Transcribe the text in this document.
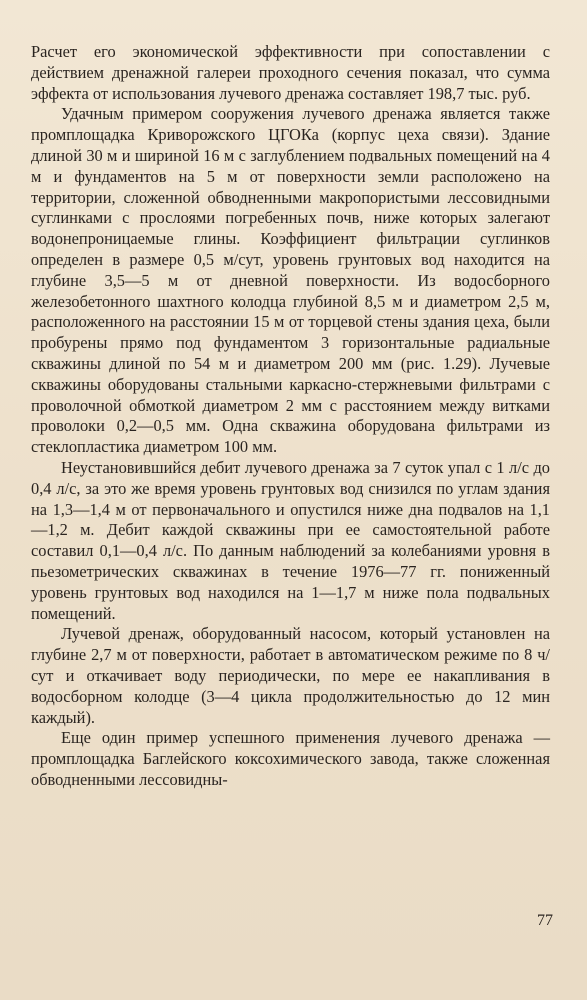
Расчет его экономической эффективности при сопоставлении с действием дренажной галереи проходного сечения показал, что сумма эффекта от использования лучевого дренажа составляет 198,7 тыс. руб.

Удачным примером сооружения лучевого дренажа является также промплощадка Криворожского ЦГОКа (корпус цеха связи). Здание длиной 30 м и шириной 16 м с заглублением подвальных помещений на 4 м и фундаментов на 5 м от поверхности земли расположено на территории, сложенной обводненными макропористыми лессовидными суглинками с прослоями погребенных почв, ниже которых залегают водонепроницаемые глины. Коэффициент фильтрации суглинков определен в размере 0,5 м/сут, уровень грунтовых вод находится на глубине 3,5—5 м от дневной поверхности. Из водосборного железобетонного шахтного колодца глубиной 8,5 м и диаметром 2,5 м, расположенного на расстоянии 15 м от торцевой стены здания цеха, были пробурены прямо под фундаментом 3 горизонтальные радиальные скважины длиной по 54 м и диаметром 200 мм (рис. 1.29). Лучевые скважины оборудованы стальными каркасно-стержневыми фильтрами с проволочной обмоткой диаметром 2 мм с расстоянием между витками проволоки 0,2—0,5 мм. Одна скважина оборудована фильтрами из стеклопластика диаметром 100 мм.

Неустановившийся дебит лучевого дренажа за 7 суток упал с 1 л/с до 0,4 л/с, за это же время уровень грунтовых вод снизился по углам здания на 1,3—1,4 м от первоначального и опустился ниже дна подвалов на 1,1—1,2 м. Дебит каждой скважины при ее самостоятельной работе составил 0,1—0,4 л/с. По данным наблюдений за колебаниями уровня в пьезометрических скважинах в течение 1976—77 гг. пониженный уровень грунтовых вод находился на 1—1,7 м ниже пола подвальных помещений.

Лучевой дренаж, оборудованный насосом, который установлен на глубине 2,7 м от поверхности, работает в автоматическом режиме по 8 ч/сут и откачивает воду периодически, по мере ее накапливания в водосборном колодце (3—4 цикла продолжительностью до 12 мин каждый).

Еще один пример успешного применения лучевого дренажа — промплощадка Баглейского коксохимического завода, также сложенная обводненными лессовидны-

77
